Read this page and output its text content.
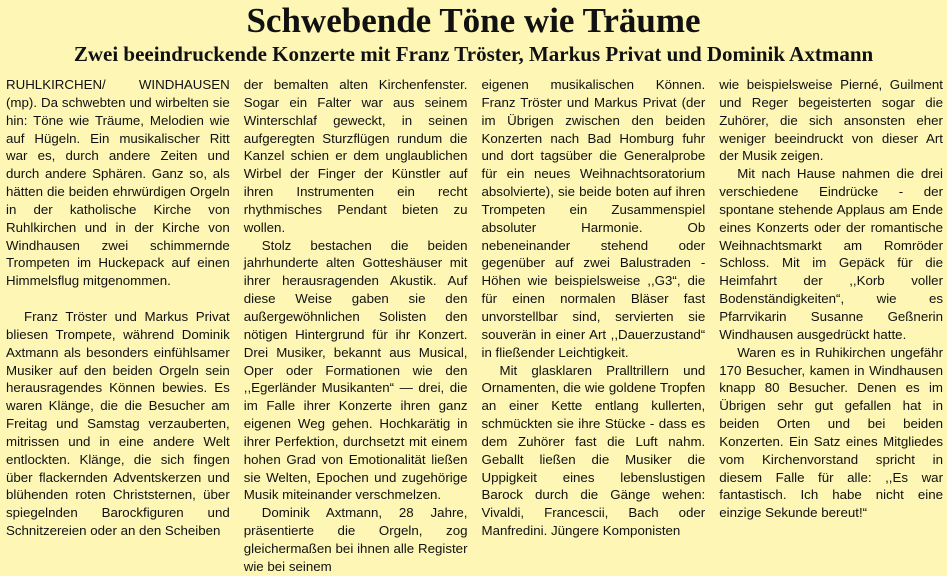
Schwebende Töne wie Träume
Zwei beeindruckende Konzerte mit Franz Tröster, Markus Privat und Dominik Axtmann

RUHLKIRCHEN/ WINDHAUSEN (mp). Da schwebten und wirbelten sie hin: Töne wie Träume, Melodien wie auf Hügeln. Ein musikalischer Ritt war es, durch andere Zeiten und durch andere Sphären. Ganz so, als hätten die beiden ehrwürdigen Orgeln in der katholische Kirche von Ruhlkirchen und in der Kirche von Windhausen zwei schimmernde Trompeten im Huckepack auf einen Himmelsflug mitgenommen.

Franz Tröster und Markus Privat bliesen Trompete, während Dominik Axtmann als besonders einfühlsamer Musiker auf den beiden Orgeln sein herausragendes Können bewies. Es waren Klänge, die die Besucher am Freitag und Samstag verzauberten, mitrissen und in eine andere Welt entlockten. Klänge, die sich fingen über flackernden Adventskerzen und blühenden roten Christsternen, über spiegelnden Barockfiguren und Schnitzereien oder an den Scheiben

der bemalten alten Kirchenfenster. Sogar ein Falter war aus seinem Winterschlaf geweckt, in seinen aufgeregten Sturzflügen rundum die Kanzel schien er dem unglaublichen Wirbel der Finger der Künstler auf ihren Instrumenten ein recht rhythmisches Pendant bieten zu wollen.

Stolz bestachen die beiden jahrhunderte alten Gotteshäuser mit ihrer herausragenden Akustik. Auf diese Weise gaben sie den außergewöhnlichen Solisten den nötigen Hintergrund für ihr Konzert. Drei Musiker, bekannt aus Musical, Oper oder Formationen wie den ,,Egerländer Musikanten“ — drei, die im Falle ihrer Konzerte ihren ganz eigenen Weg gehen. Hochkarätig in ihrer Perfektion, durchsetzt mit einem hohen Grad von Emotionalität ließen sie Welten, Epochen und zugehörige Musik miteinander verschmelzen.

Dominik Axtmann, 28 Jahre, präsentierte die Orgeln, zog gleichermaßen bei ihnen alle Register wie bei seinem

eigenen musikalischen Können. Franz Tröster und Markus Privat (der im Übrigen zwischen den beiden Konzerten nach Bad Homburg fuhr und dort tagsüber die Generalprobe für ein neues Weihnachtsoratorium absolvierte), sie beide boten auf ihren Trompeten ein Zusammenspiel absoluter Harmonie. Ob nebeneinander stehend oder gegenüber auf zwei Balustraden - Höhen wie beispielsweise ,,G3“, die für einen normalen Bläser fast unvorstellbar sind, servierten sie souverän in einer Art ,,Dauerzustand“ in fließender Leichtigkeit.

Mit glasklaren Pralltrillern und Ornamenten, die wie goldene Tropfen an einer Kette entlang kullerten, schmückten sie ihre Stücke - dass es dem Zuhörer fast die Luft nahm. Geballt ließen die Musiker die Uppigkeit eines lebenslustigen Barock durch die Gänge wehen: Vivaldi, Francescii, Bach oder Manfredini. Jüngere Komponisten

wie beispielsweise Pierné, Guilment und Reger begeisterten sogar die Zuhörer, die sich ansonsten eher weniger beeindruckt von dieser Art der Musik zeigen.

Mit nach Hause nahmen die drei verschiedene Eindrücke - der spontane stehende Applaus am Ende eines Konzerts oder der romantische Weihnachtsmarkt am Romröder Schloss. Mit im Gepäck für die Heimfahrt der ,,Korb voller Bodenständigkeiten“, wie es Pfarrvikarin Susanne Geßnerin Windhausen ausgedrückt hatte.

Waren es in Ruhikirchen ungefähr 170 Besucher, kamen in Windhausen knapp 80 Besucher. Denen es im Übrigen sehr gut gefallen hat in beiden Orten und bei beiden Konzerten. Ein Satz eines Mitgliedes vom Kirchenvorstand spricht in diesem Falle für alle: ,,Es war fantastisch. Ich habe nicht eine einzige Sekunde bereut!“
